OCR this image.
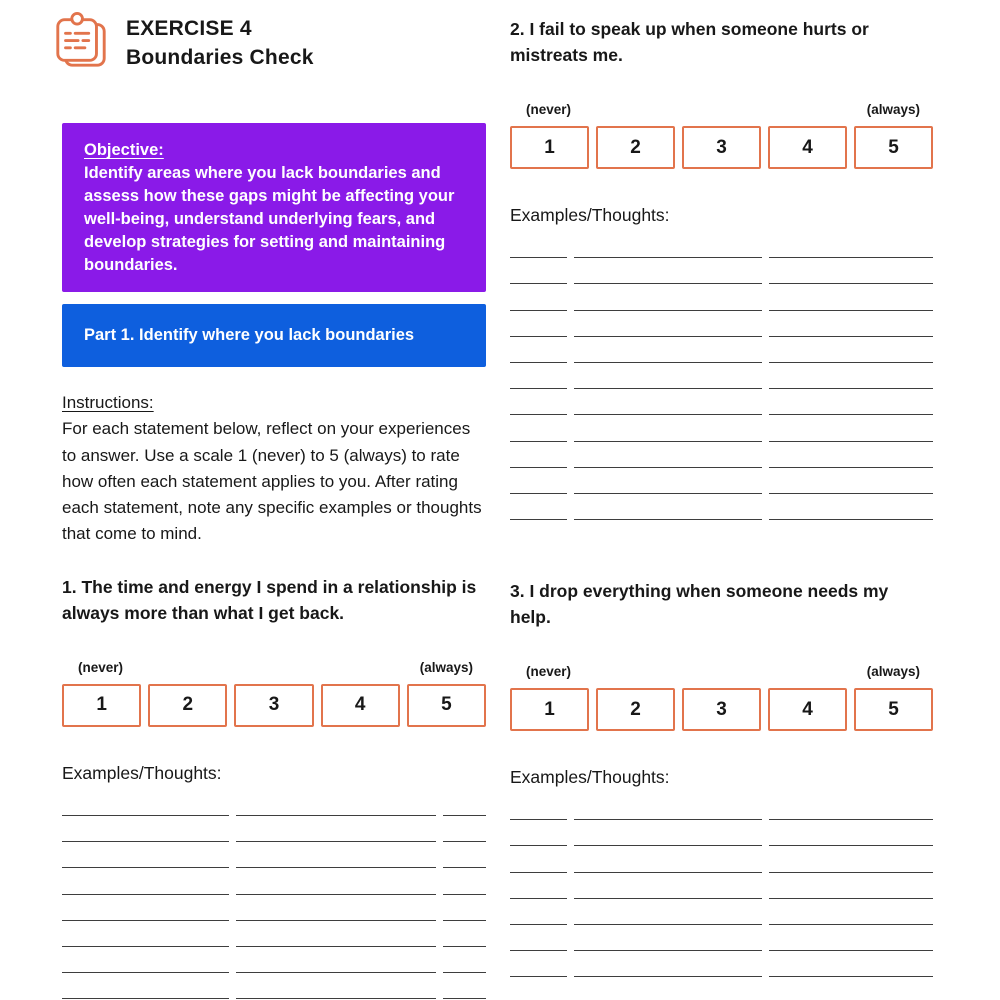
EXERCISE 4
Boundaries Check
Objective:
Identify areas where you lack boundaries and assess how these gaps might be affecting your well-being, understand underlying fears, and develop strategies for setting and maintaining boundaries.
Part 1. Identify where you lack boundaries
Instructions:
For each statement below, reflect on your experiences to answer. Use a scale 1 (never) to 5 (always) to rate how often each statement applies to you. After rating each statement, note any specific examples or thoughts that come to mind.
1. The time and energy I spend in a relationship is always more than what I get back.
(never)	(always)
1	2	3	4	5
Examples/Thoughts:
2. I fail to speak up when someone hurts or mistreats me.
(never)	(always)
1	2	3	4	5
Examples/Thoughts:
3. I drop everything when someone needs my help.
(never)	(always)
1	2	3	4	5
Examples/Thoughts:
